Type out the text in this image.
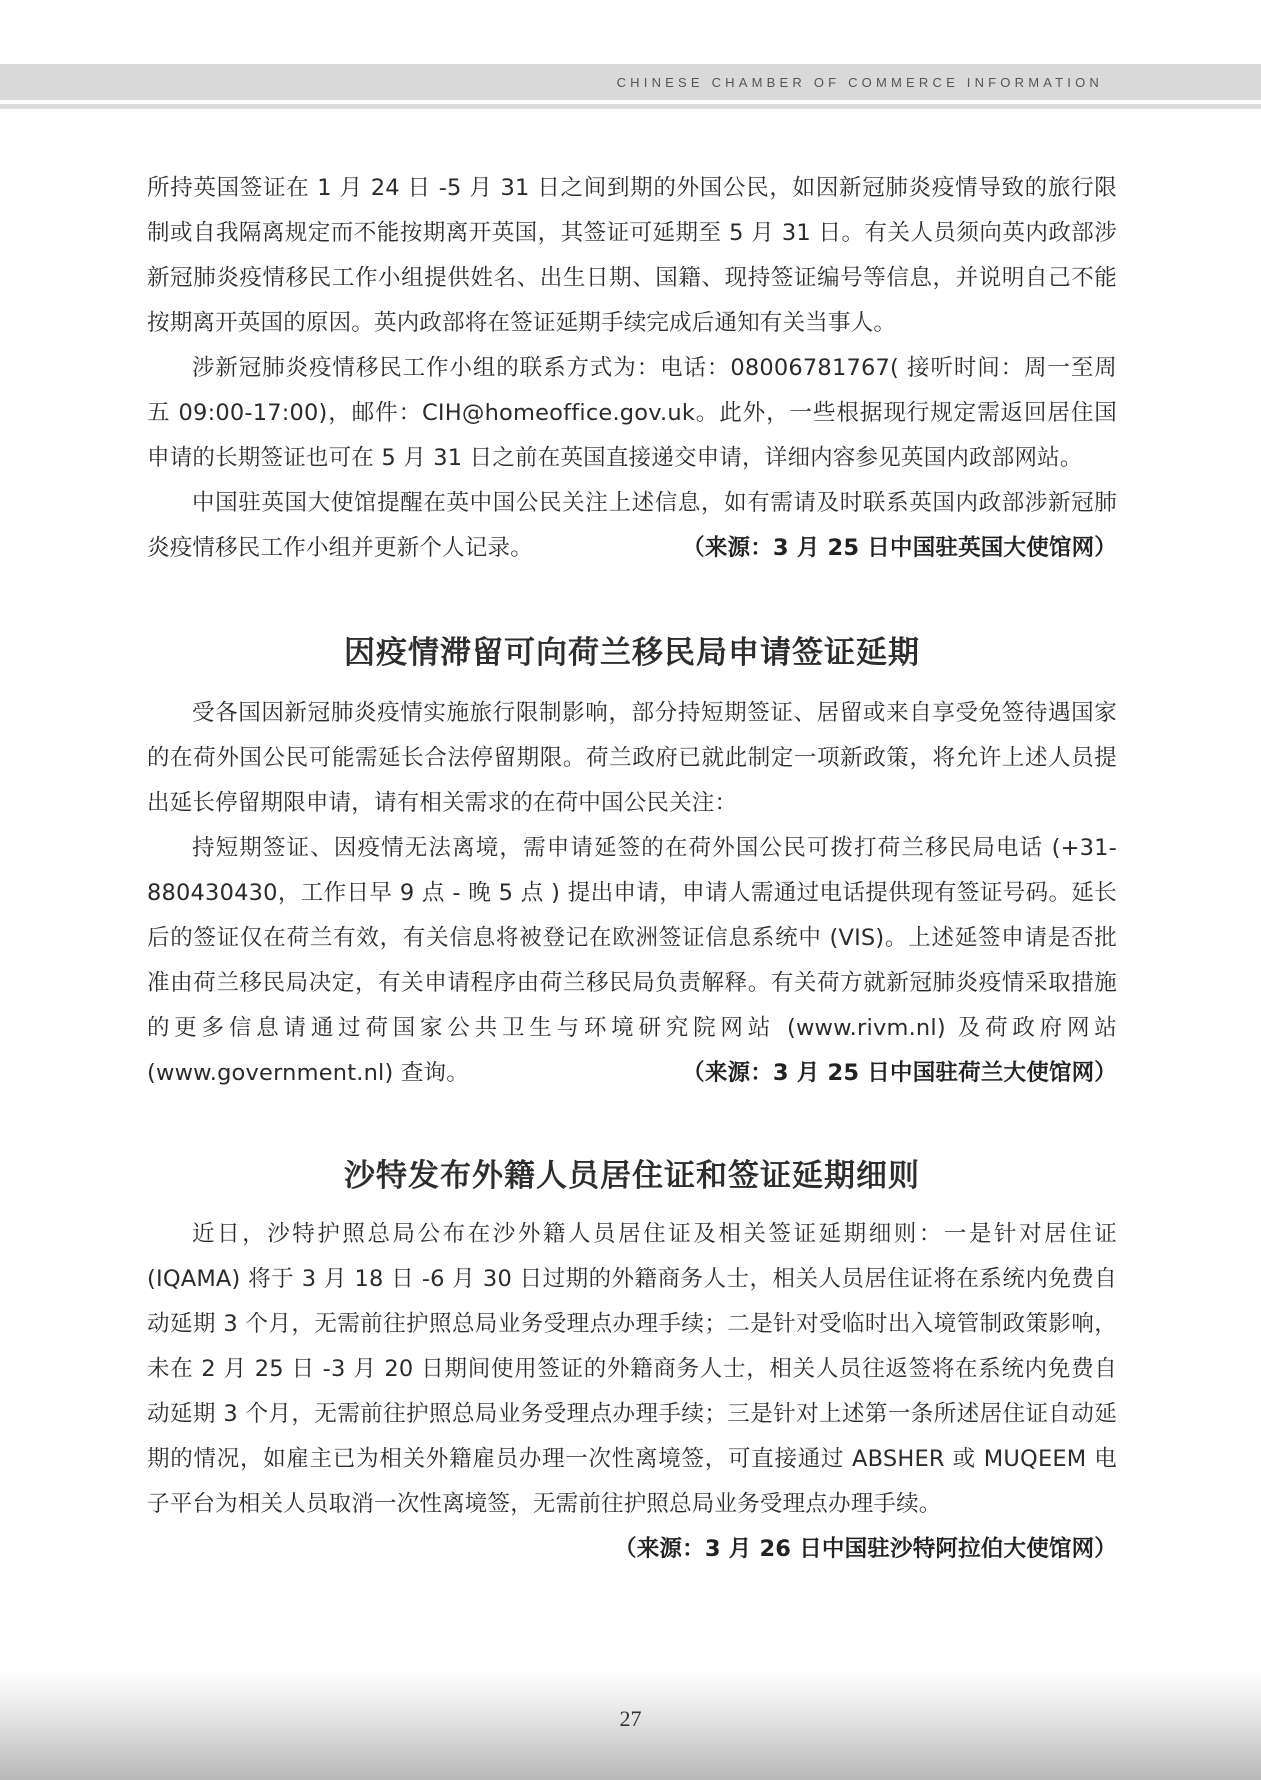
CHINESE CHAMBER OF COMMERCE INFORMATION

所持英国签证在 1 月 24 日 -5 月 31 日之间到期的外国公民，如因新冠肺炎疫情导致的旅行限制或自我隔离规定而不能按期离开英国，其签证可延期至 5 月 31 日。有关人员须向英内政部涉新冠肺炎疫情移民工作小组提供姓名、出生日期、国籍、现持签证编号等信息，并说明自己不能按期离开英国的原因。英内政部将在签证延期手续完成后通知有关当事人。

涉新冠肺炎疫情移民工作小组的联系方式为：电话：08006781767( 接听时间：周一至周五 09:00-17:00)，邮件：CIH@homeoffice.gov.uk。此外，一些根据现行规定需返回居住国申请的长期签证也可在 5 月 31 日之前在英国直接递交申请，详细内容参见英国内政部网站。

中国驻英国大使馆提醒在英中国公民关注上述信息，如有需请及时联系英国内政部涉新冠肺炎疫情移民工作小组并更新个人记录。	（来源：3 月 25 日中国驻英国大使馆网）

因疫情滞留可向荷兰移民局申请签证延期

受各国因新冠肺炎疫情实施旅行限制影响，部分持短期签证、居留或来自享受免签待遇国家的在荷外国公民可能需延长合法停留期限。荷兰政府已就此制定一项新政策，将允许上述人员提出延长停留期限申请，请有相关需求的在荷中国公民关注：

持短期签证、因疫情无法离境，需申请延签的在荷外国公民可拨打荷兰移民局电话 (+31-880430430，工作日早 9 点 - 晚 5 点 ) 提出申请，申请人需通过电话提供现有签证号码。延长后的签证仅在荷兰有效，有关信息将被登记在欧洲签证信息系统中 (VIS)。上述延签申请是否批准由荷兰移民局决定，有关申请程序由荷兰移民局负责解释。有关荷方就新冠肺炎疫情采取措施的更多信息请通过荷国家公共卫生与环境研究院网站 (www.rivm.nl) 及荷政府网站 (www.government.nl) 查询。	（来源：3 月 25 日中国驻荷兰大使馆网）

沙特发布外籍人员居住证和签证延期细则

近日，沙特护照总局公布在沙外籍人员居住证及相关签证延期细则：一是针对居住证 (IQAMA) 将于 3 月 18 日 -6 月 30 日过期的外籍商务人士，相关人员居住证将在系统内免费自动延期 3 个月，无需前往护照总局业务受理点办理手续；二是针对受临时出入境管制政策影响，未在 2 月 25 日 -3 月 20 日期间使用签证的外籍商务人士，相关人员往返签将在系统内免费自动延期 3 个月，无需前往护照总局业务受理点办理手续；三是针对上述第一条所述居住证自动延期的情况，如雇主已为相关外籍雇员办理一次性离境签，可直接通过 ABSHER 或 MUQEEM 电子平台为相关人员取消一次性离境签，无需前往护照总局业务受理点办理手续。
（来源：3 月 26 日中国驻沙特阿拉伯大使馆网）

27
